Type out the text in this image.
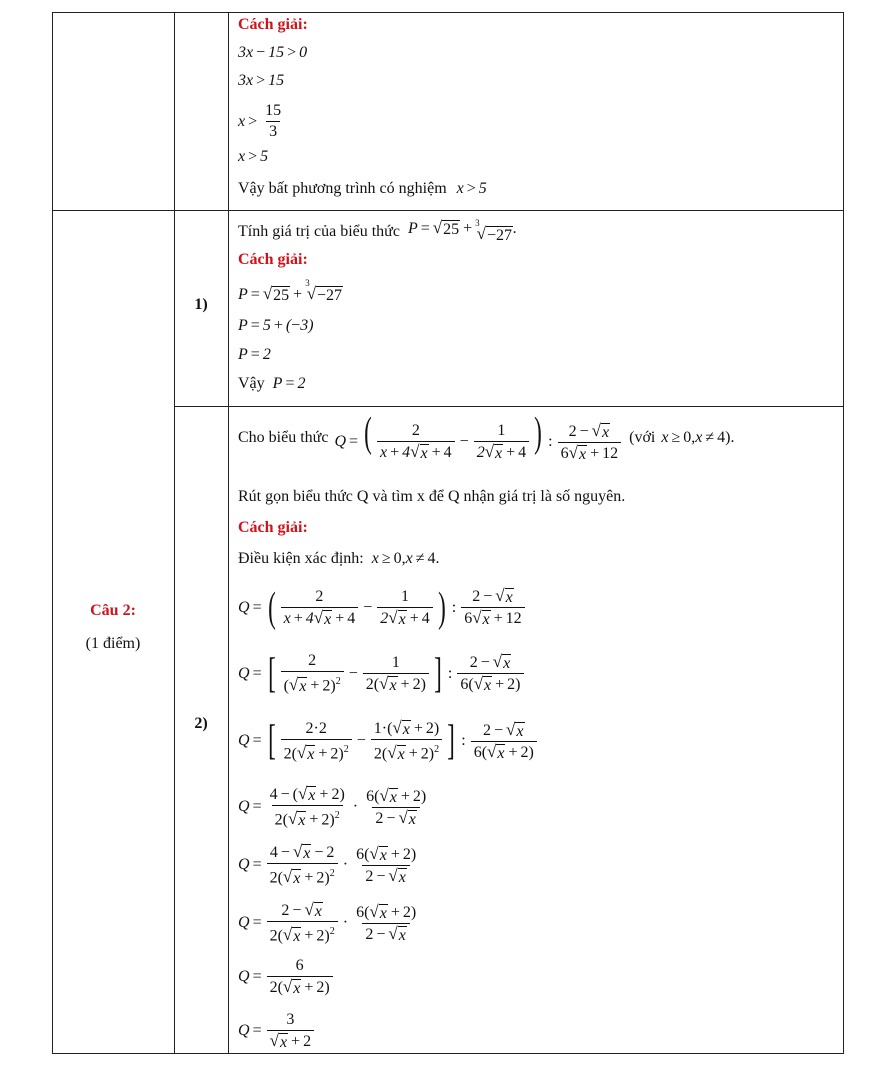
Câu 2:
(1 điểm)
1)
2)
Cách giải:
3x − 15 > 0
3x > 15
$x > \frac{15}{3}$
x > 5
Vậy bất phương trình có nghiệm x > 5
Tính giá trị của biểu thức P = √ 25 + 3
√ −27 .
Cách giải:
P = √ 25 +
3
√ −27
P = 5 + ( − 3)
P = 2
Vậy P = 2
Cho biểu thức Q = ( $\frac{2}{x + 4 √ x + 4} - \frac{1}{2 √ x + 4}$ ) : $\frac{2 - √ x}{6 √ x + 12}$ (với x ≥ 0,x ≠ 4 ).
Rút gọn biểu thức Q và tìm x để Q nhận giá trị là số nguyên.
Cách giải:
Điều kiện xác định: x ≥ 0,x ≠ 4 .
Q = ( $\frac{2}{x + 4 √ x + 4} - \frac{1}{2 √ x + 4}$ ) : $\frac{2 - √ x}{6 √ x + 12}$
Q = [ $\frac{2}{( √ x + 2)^2} - \frac{1}{2( √ x + 2)}$ ] : $\frac{2 - √ x}{6( √ x + 2)}$
Q = [ $\frac{2\cdot 2}{2( √ x + 2)^2} - \frac{1\cdot( √ x + 2)}{2( √ x + 2)^2}$ ] : $\frac{2 - √ x}{6( √ x + 2)}$
$Q = \frac{4 - ( √ x + 2)}{2( √ x + 2)^2} \cdot \frac{6( √ x + 2)}{2 - √ x}$
$Q = \frac{4 - √ x - 2}{2( √ x + 2)^2} \cdot \frac{6( √ x + 2)}{2 - √ x}$
$Q = \frac{2 - √ x}{2( √ x + 2)^2} \cdot \frac{6( √ x + 2)}{2 - √ x}$
$Q = \frac{6}{2( √ x + 2)}$
$Q = \frac{3}{√ x + 2}$
